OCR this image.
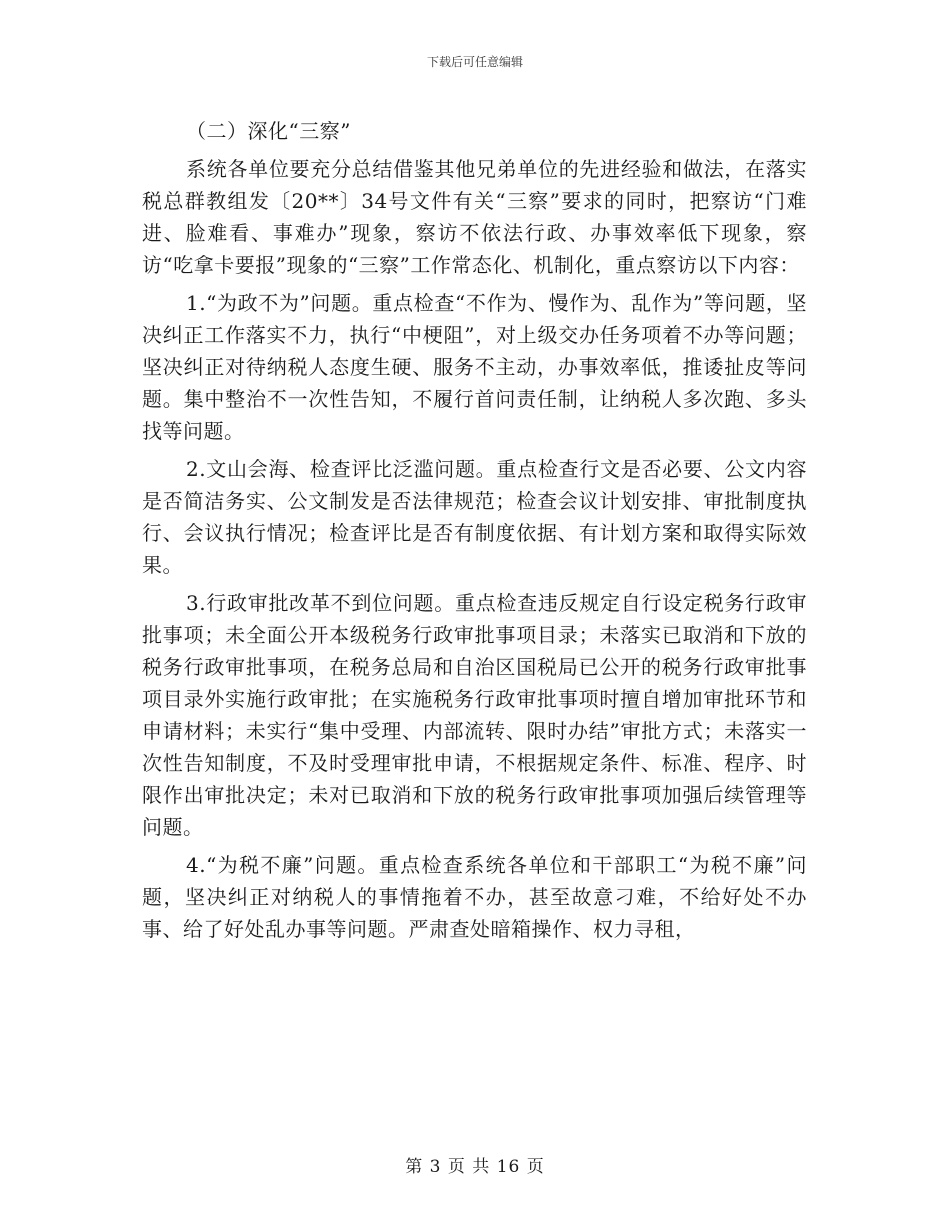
下载后可任意编辑

（二）深化“三察”

系统各单位要充分总结借鉴其他兄弟单位的先进经验和做法，在落实税总群教组发〔20**〕34号文件有关“三察”要求的同时，把察访“门难进、脸难看、事难办”现象，察访不依法行政、办事效率低下现象，察访“吃拿卡要报”现象的“三察”工作常态化、机制化，重点察访以下内容：

1.“为政不为”问题。重点检查“不作为、慢作为、乱作为”等问题，坚决纠正工作落实不力，执行“中梗阻”，对上级交办任务项着不办等问题；坚决纠正对待纳税人态度生硬、服务不主动，办事效率低，推诿扯皮等问题。集中整治不一次性告知，不履行首问责任制，让纳税人多次跑、多头找等问题。

2.文山会海、检查评比泛滥问题。重点检查行文是否必要、公文内容是否简洁务实、公文制发是否法律规范；检查会议计划安排、审批制度执行、会议执行情况；检查评比是否有制度依据、有计划方案和取得实际效果。

3.行政审批改革不到位问题。重点检查违反规定自行设定税务行政审批事项；未全面公开本级税务行政审批事项目录；未落实已取消和下放的税务行政审批事项，在税务总局和自治区国税局已公开的税务行政审批事项目录外实施行政审批；在实施税务行政审批事项时擅自增加审批环节和申请材料；未实行“集中受理、内部流转、限时办结”审批方式；未落实一次性告知制度，不及时受理审批申请，不根据规定条件、标准、程序、时限作出审批决定；未对已取消和下放的税务行政审批事项加强后续管理等问题。

4.“为税不廉”问题。重点检查系统各单位和干部职工“为税不廉”问题，坚决纠正对纳税人的事情拖着不办，甚至故意刁难，不给好处不办事、给了好处乱办事等问题。严肃查处暗箱操作、权力寻租，

第 3 页 共 16 页
